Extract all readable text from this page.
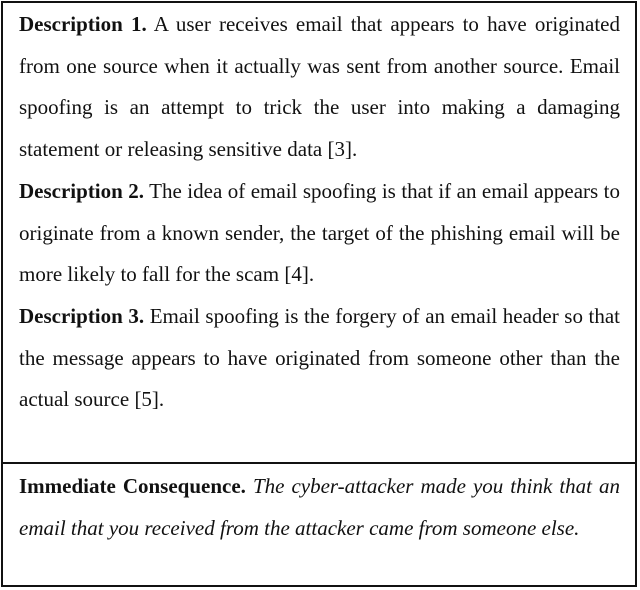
Description 1. A user receives email that appears to have originated from one source when it actually was sent from another source. Email spoofing is an attempt to trick the user into making a damaging statement or releasing sensitive data [3].

Description 2. The idea of email spoofing is that if an email appears to originate from a known sender, the target of the phishing email will be more likely to fall for the scam [4].

Description 3. Email spoofing is the forgery of an email header so that the message appears to have originated from someone other than the actual source [5].

Immediate Consequence. The cyber-attacker made you think that an email that you received from the attacker came from someone else.
